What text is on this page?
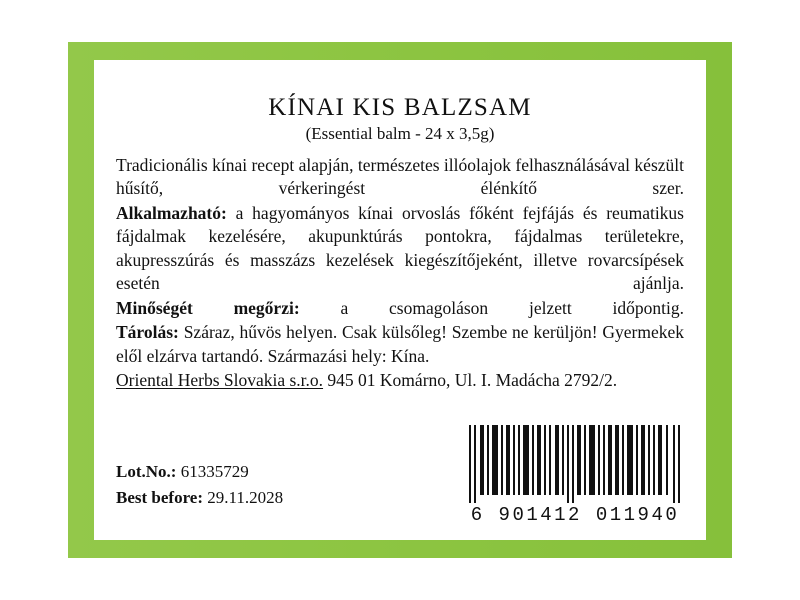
KÍNAI KIS BALZSAM
(Essential balm - 24 x 3,5g)

Tradicionális kínai recept alapján, természetes illóolajok felhasználásával készült hűsítő, vérkeringést élénkítő szer.

Alkalmazható: a hagyományos kínai orvoslás főként fejfájás és reumatikus fájdalmak kezelésére, akupunktúrás pontokra, fájdalmas területekre, akupresszúrás és masszázs kezelések kiegészítőjeként, illetve rovarcsípések esetén ajánlja.

Minőségét megőrzi: a csomagoláson jelzett időpontig.

Tárolás: Száraz, hűvös helyen. Csak külsőleg! Szembe ne kerüljön! Gyermekek elől elzárva tartandó. Származási hely: Kína.

Oriental Herbs Slovakia s.r.o. 945 01 Komárno, Ul. I. Madácha 2792/2.

Lot.No.: 61335729
Best before: 29.11.2028
6 901412 011940
